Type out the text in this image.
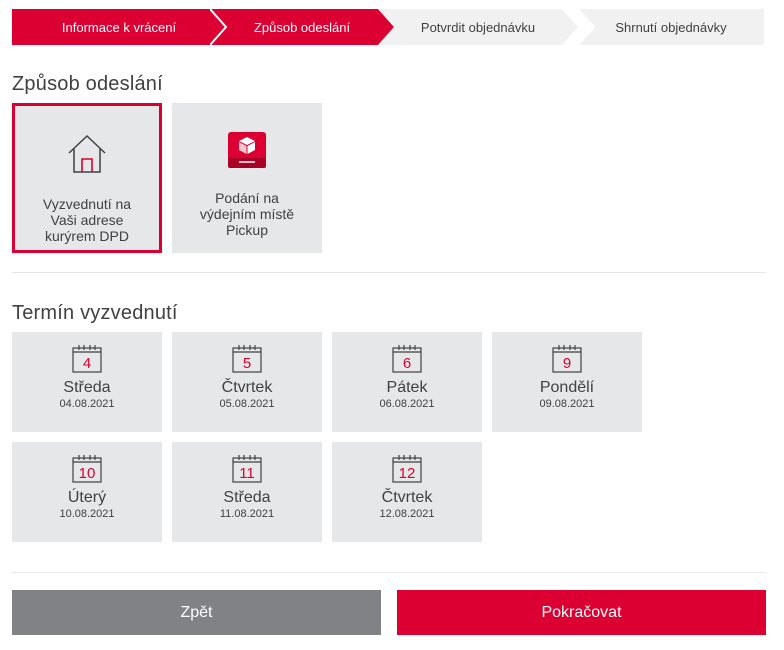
Informace k vrácení	Způsob odeslání	Potvrdit objednávku	Shrnutí objednávky
Způsob odeslání
Vyzvednutí na Vaši adrese kurýrem DPD
Podání na výdejním místě Pickup
Termín vyzvednutí
4
Středa
04.08.2021
5
Čtvrtek
05.08.2021
6
Pátek
06.08.2021
9
Pondělí
09.08.2021
10
Úterý
10.08.2021
11
Středa
11.08.2021
12
Čtvrtek
12.08.2021
Zpět	Pokračovat
